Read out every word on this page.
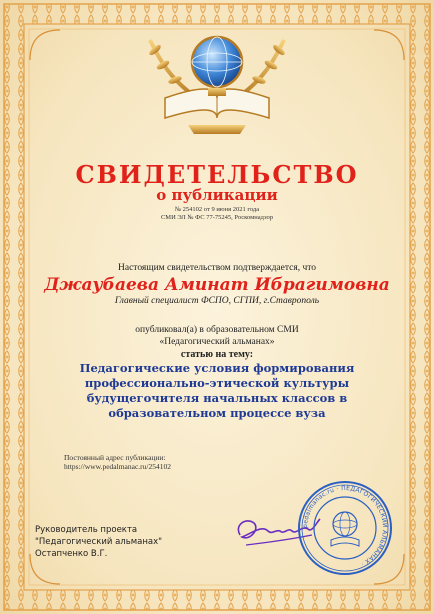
СВИДЕТЕЛЬСТВО
о публикации
№ 254102 от 9 июня 2021 года
СМИ ЭЛ № ФС 77-75245, Роскомнадзор
Настоящим свидетельством подтверждается, что
Джаубаева Аминат Ибрагимовна
Главный специалист ФСПО, СГПИ, г.Ставрополь
опубликовал(а) в образовательном СМИ
«Педагогический альманах»
статью на тему:
Педагогические условия формирования
профессионально-этической культуры
будущегочителя начальных классов в
образовательном процессе вуза
Постоянный адрес публикации:
https://www.pedalmanac.ru/254102
Руководитель проекта
"Педагогический альманах"
Остапченко В.Г.
pedalmanac.ru · ПЕДАГОГИЧЕСКИЙ АЛЬМАНАХ ·
